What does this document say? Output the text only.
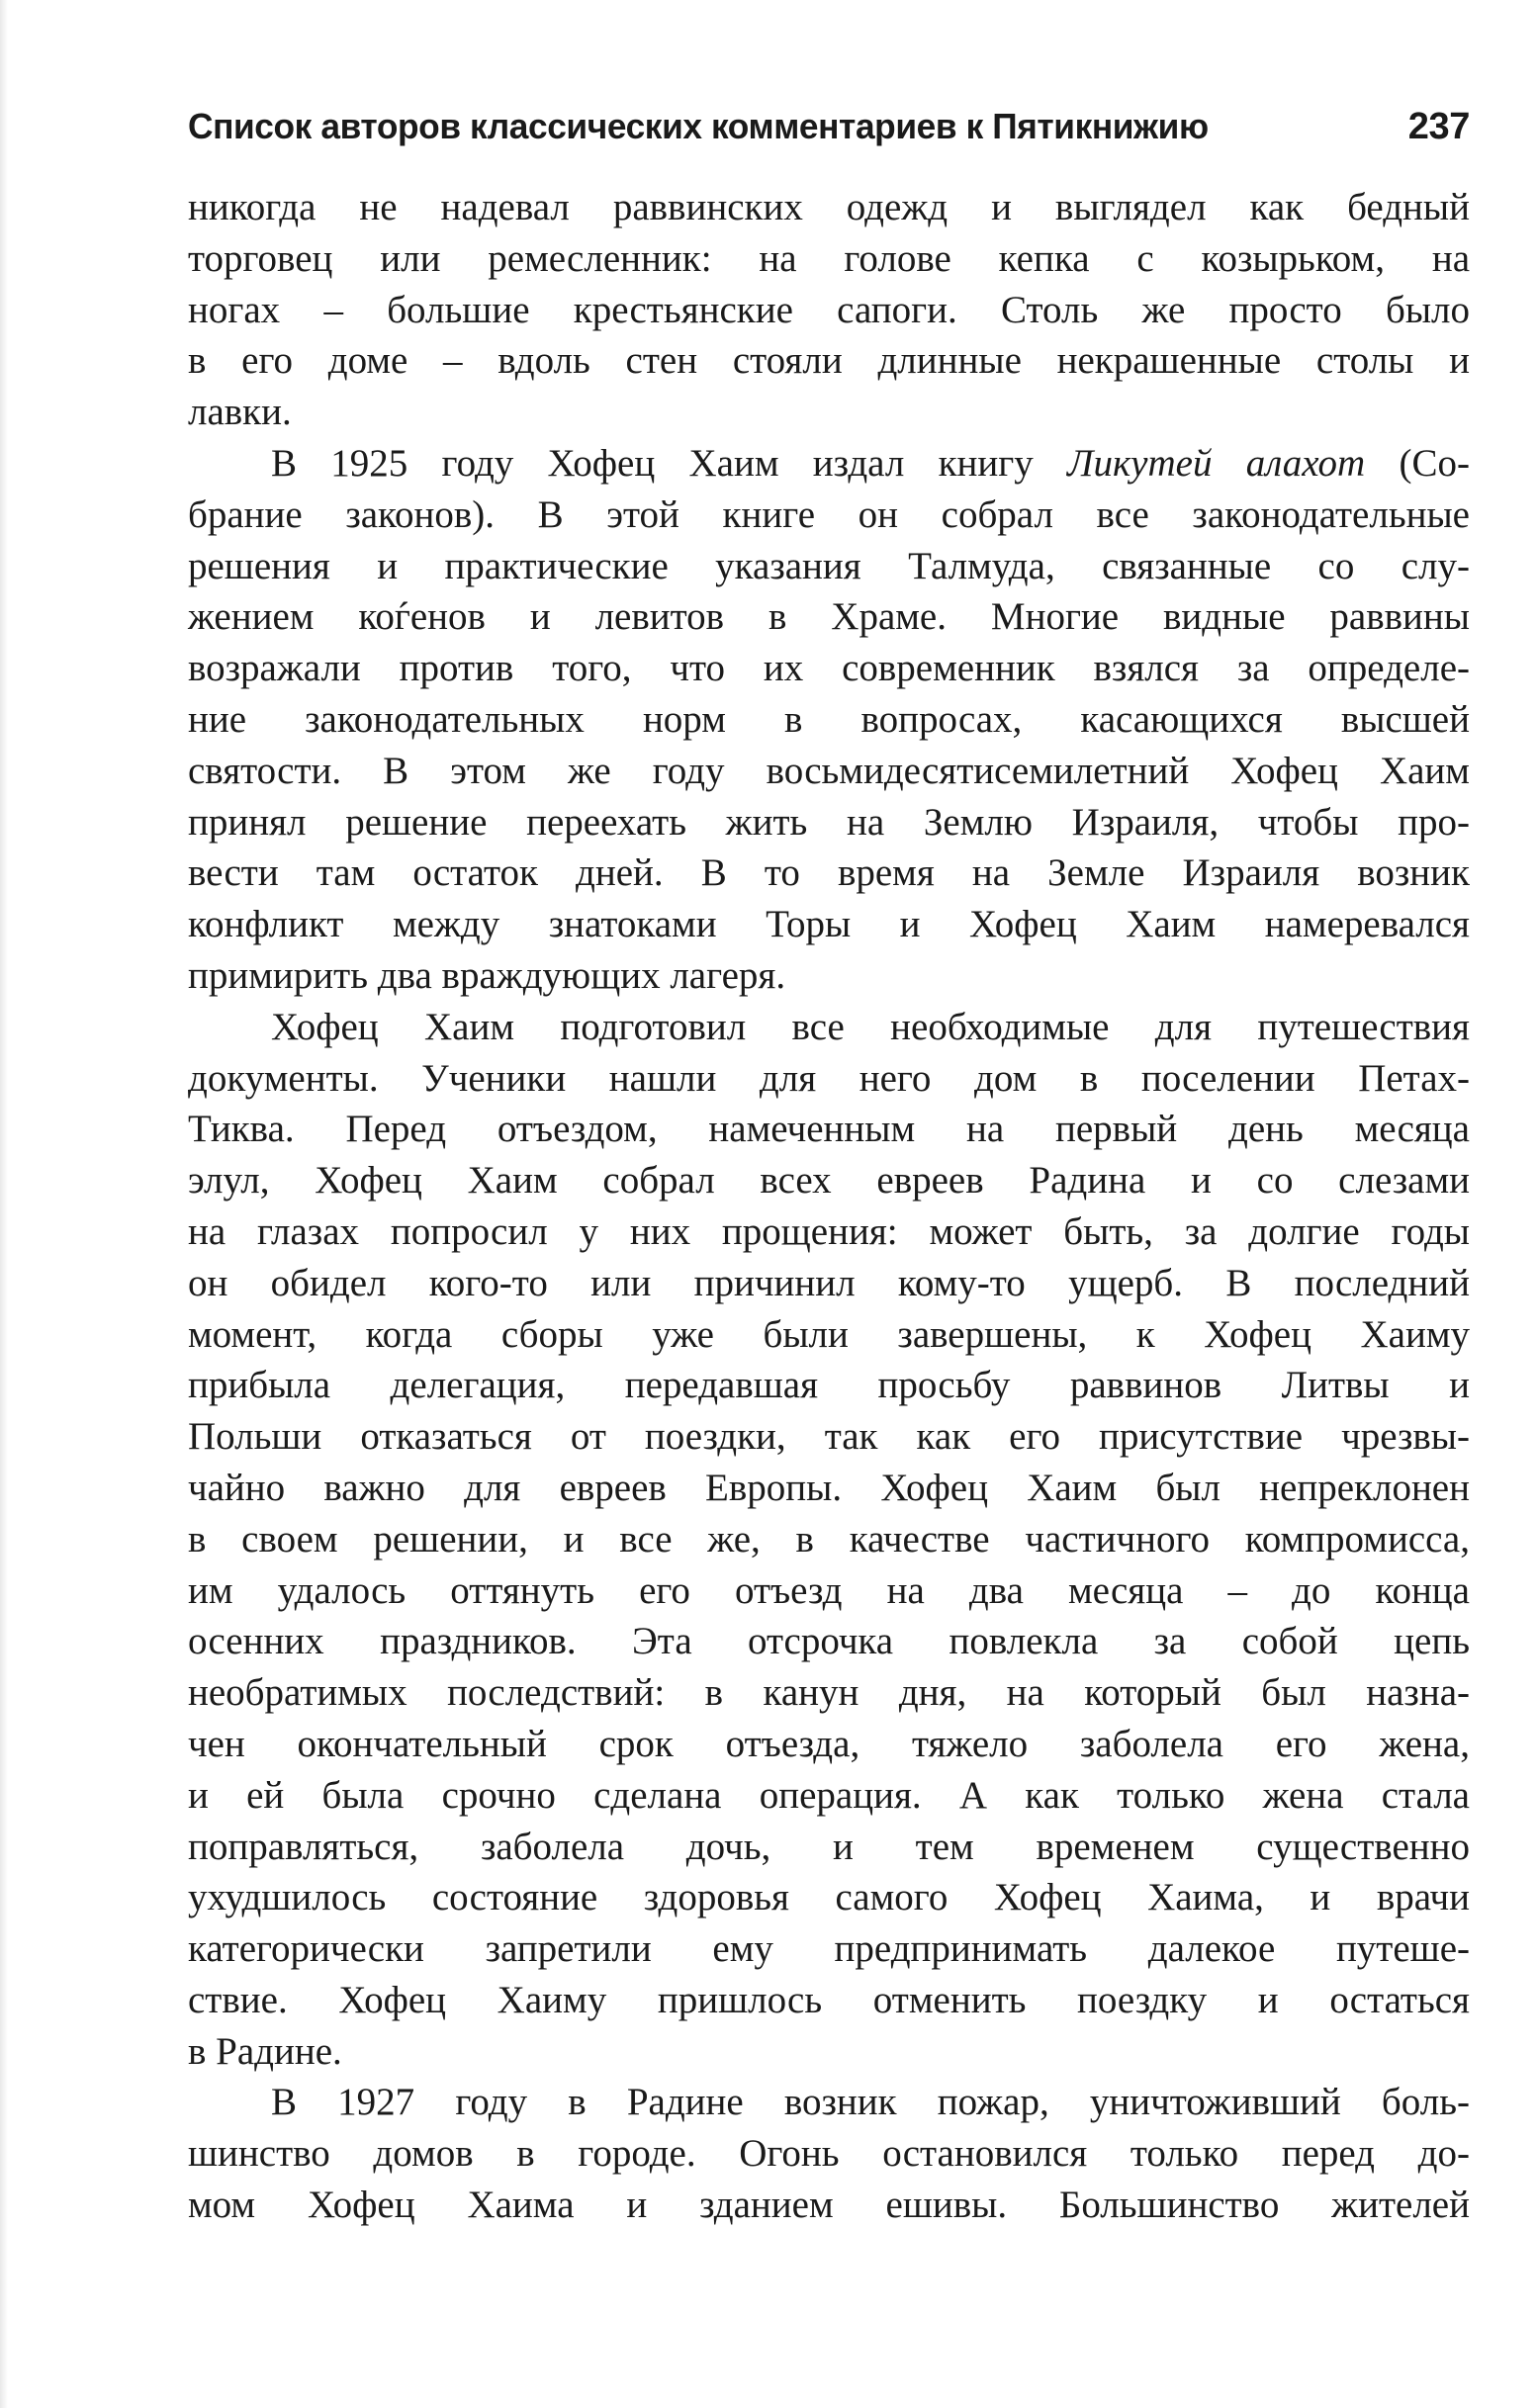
Список авторов классических комментариев к Пятикнижию	237
никогда не надевал раввинских одежд и выглядел как бедный
торговец или ремесленник: на голове кепка с козырьком, на
ногах – большие крестьянские сапоги. Столь же просто было
в его доме – вдоль стен стояли длинные некрашенные столы и
лавки.
В 1925 году Хофец Хаим издал книгу Ликутей алахот (Со-
брание законов). В этой книге он собрал все законодательные
решения и практические указания Талмуда, связанные со слу-
жением коѓенов и левитов в Храме. Многие видные раввины
возражали против того, что их современник взялся за определе-
ние законодательных норм в вопросах, касающихся высшей
святости. В этом же году восьмидесятисемилетний Хофец Хаим
принял решение переехать жить на Землю Израиля, чтобы про-
вести там остаток дней. В то время на Земле Израиля возник
конфликт между знатоками Торы и Хофец Хаим намеревался
примирить два враждующих лагеря.
Хофец Хаим подготовил все необходимые для путешествия
документы. Ученики нашли для него дом в поселении Петах-
Тиква. Перед отъездом, намеченным на первый день месяца
элул, Хофец Хаим собрал всех евреев Радина и со слезами
на глазах попросил у них прощения: может быть, за долгие годы
он обидел кого-то или причинил кому-то ущерб. В последний
момент, когда сборы уже были завершены, к Хофец Хаиму
прибыла делегация, передавшая просьбу раввинов Литвы и
Польши отказаться от поездки, так как его присутствие чрезвы-
чайно важно для евреев Европы. Хофец Хаим был непреклонен
в своем решении, и все же, в качестве частичного компромисса,
им удалось оттянуть его отъезд на два месяца – до конца
осенних праздников. Эта отсрочка повлекла за собой цепь
необратимых последствий: в канун дня, на который был назна-
чен окончательный срок отъезда, тяжело заболела его жена,
и ей была срочно сделана операция. А как только жена стала
поправляться, заболела дочь, и тем временем существенно
ухудшилось состояние здоровья самого Хофец Хаима, и врачи
категорически запретили ему предпринимать далекое путеше-
ствие. Хофец Хаиму пришлось отменить поездку и остаться
в Радине.
В 1927 году в Радине возник пожар, уничтоживший боль-
шинство домов в городе. Огонь остановился только перед до-
мом Хофец Хаима и зданием ешивы. Большинство жителей
